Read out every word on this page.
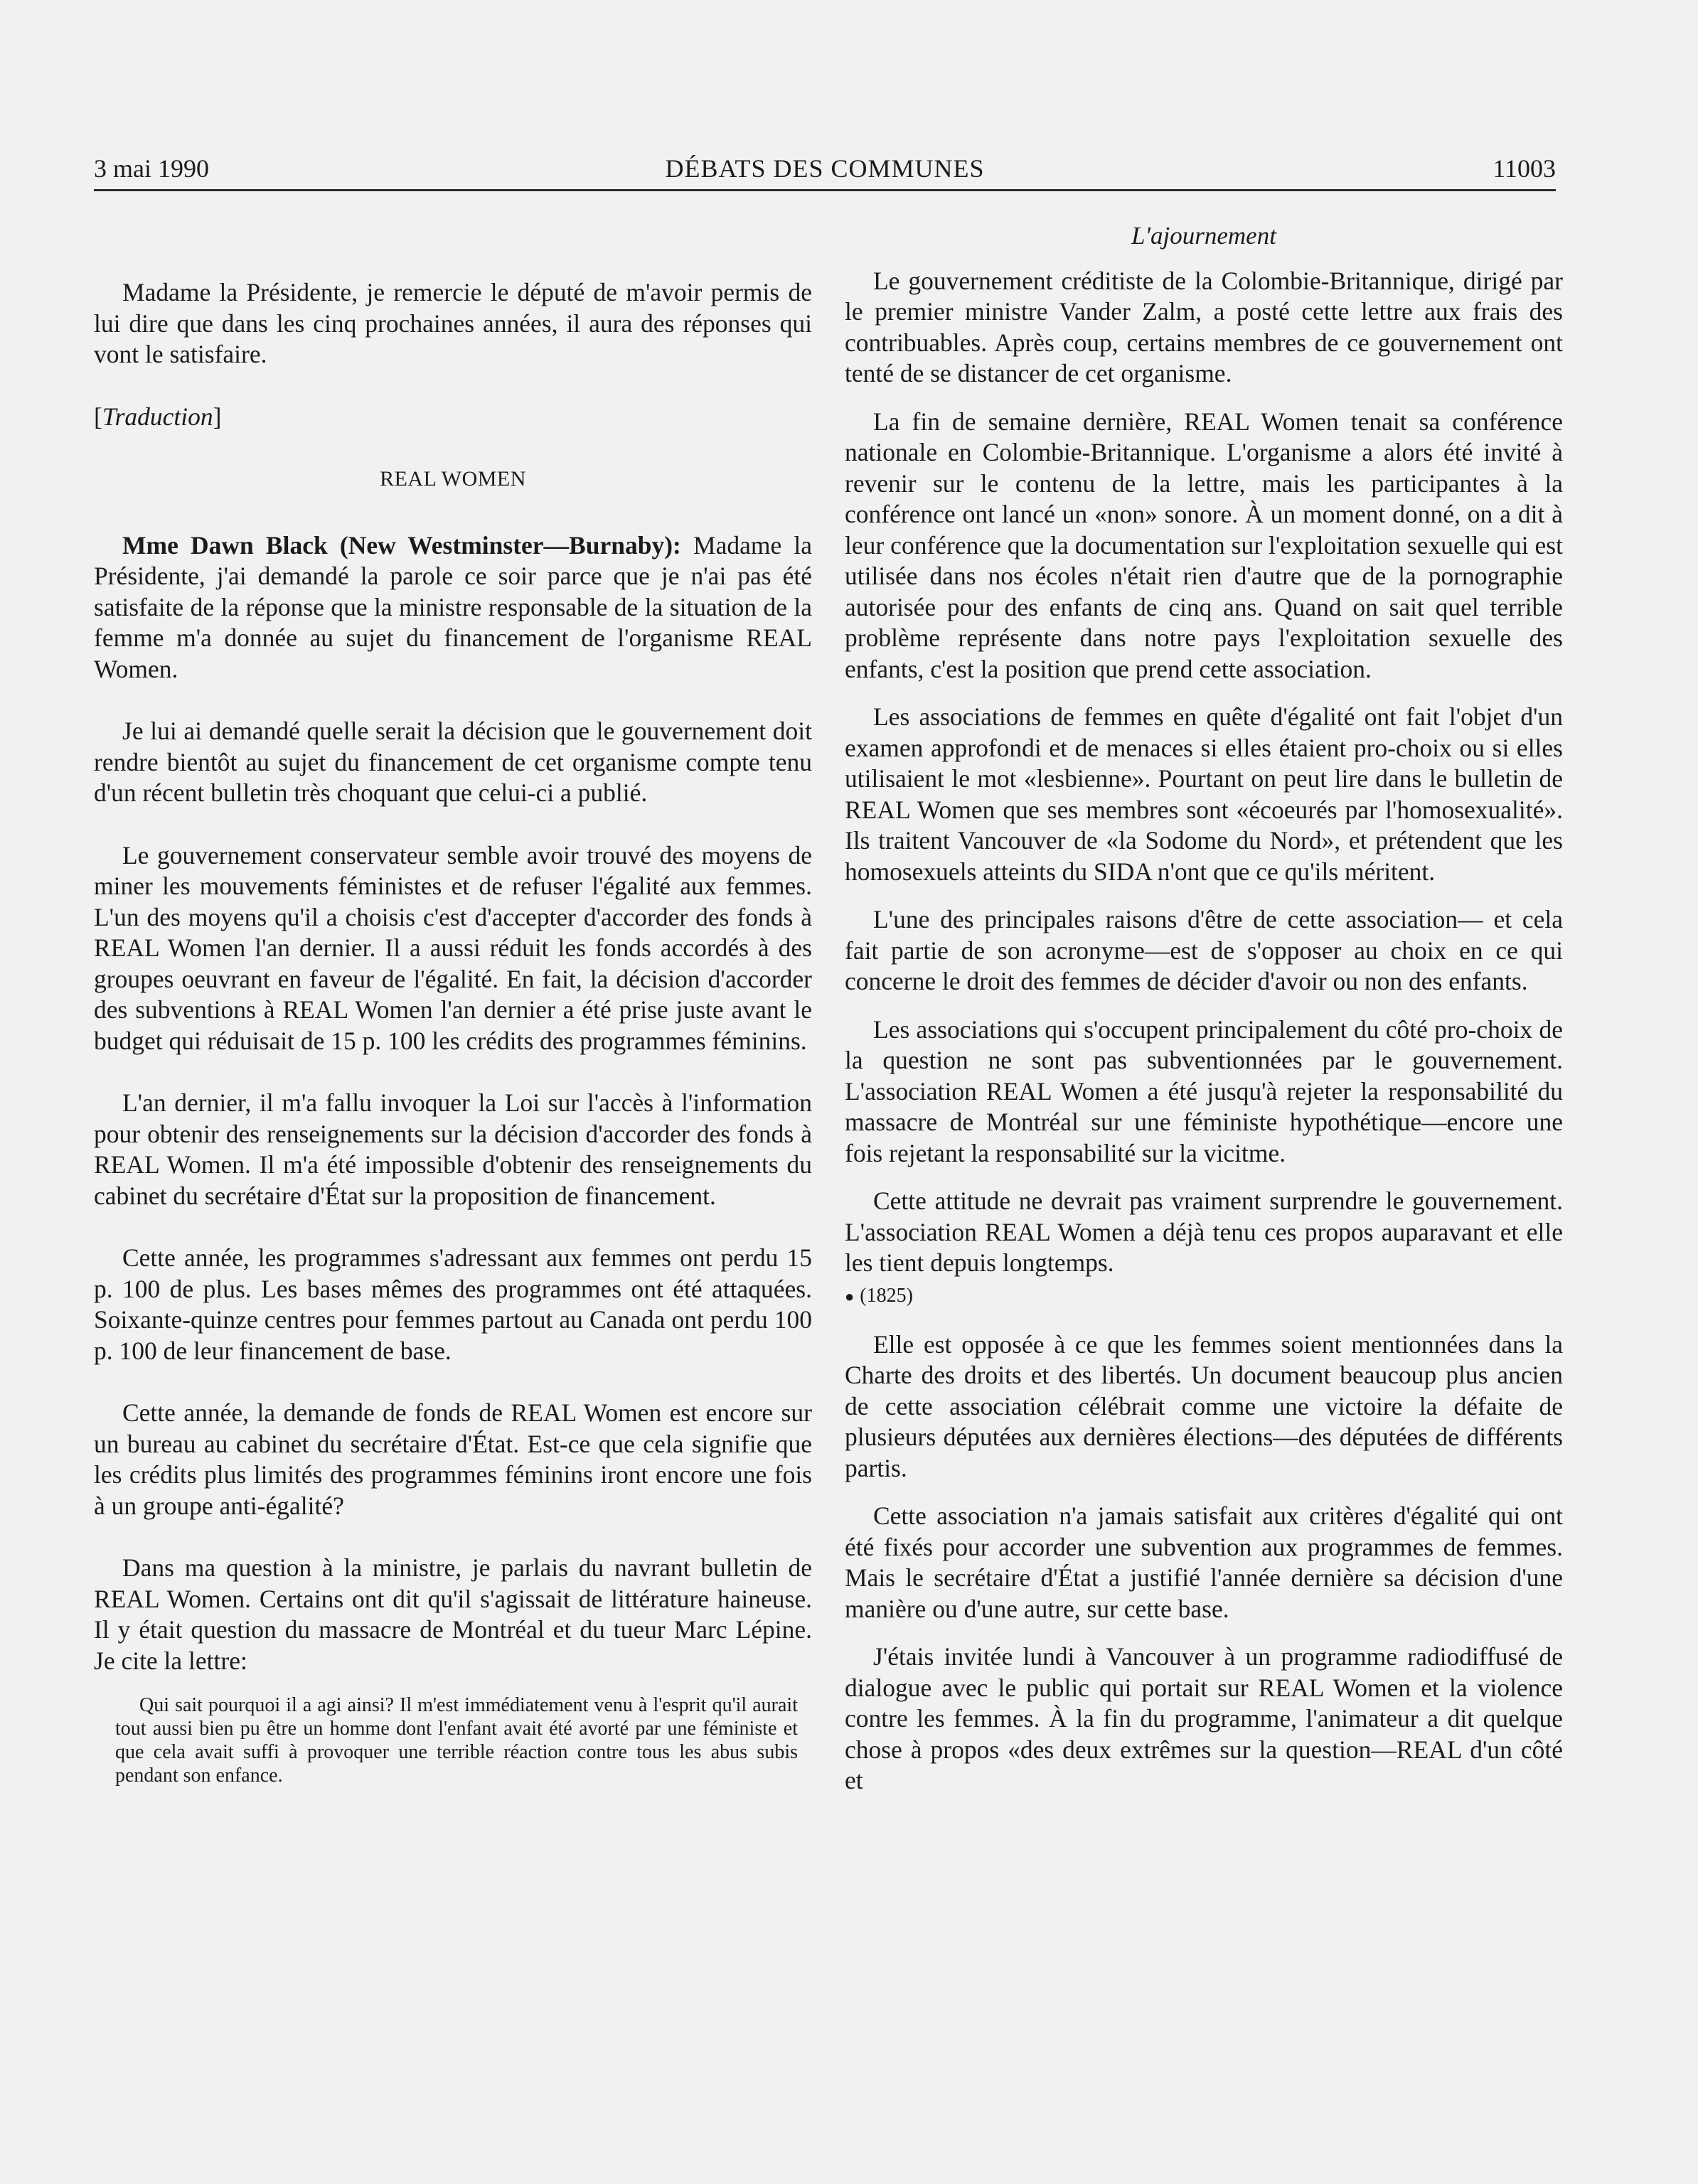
3 mai 1990	DÉBATS DES COMMUNES	11003

Madame la Présidente, je remercie le député de m'avoir permis de lui dire que dans les cinq prochaines années, il aura des réponses qui vont le satisfaire.

[Traduction]
REAL WOMEN

Mme Dawn Black (New Westminster—Burnaby): Madame la Présidente, j'ai demandé la parole ce soir parce que je n'ai pas été satisfaite de la réponse que la ministre responsable de la situation de la femme m'a donnée au sujet du financement de l'organisme REAL Women.

Je lui ai demandé quelle serait la décision que le gouvernement doit rendre bientôt au sujet du financement de cet organisme compte tenu d'un récent bulletin très choquant que celui-ci a publié.

Le gouvernement conservateur semble avoir trouvé des moyens de miner les mouvements féministes et de refuser l'égalité aux femmes. L'un des moyens qu'il a choisis c'est d'accepter d'accorder des fonds à REAL Women l'an dernier. Il a aussi réduit les fonds accordés à des groupes oeuvrant en faveur de l'égalité. En fait, la décision d'accorder des subventions à REAL Women l'an dernier a été prise juste avant le budget qui réduisait de 15 p. 100 les crédits des programmes féminins.

L'an dernier, il m'a fallu invoquer la Loi sur l'accès à l'information pour obtenir des renseignements sur la décision d'accorder des fonds à REAL Women. Il m'a été impossible d'obtenir des renseignements du cabinet du secrétaire d'État sur la proposition de financement.

Cette année, les programmes s'adressant aux femmes ont perdu 15 p. 100 de plus. Les bases mêmes des programmes ont été attaquées. Soixante-quinze centres pour femmes partout au Canada ont perdu 100 p. 100 de leur financement de base.

Cette année, la demande de fonds de REAL Women est encore sur un bureau au cabinet du secrétaire d'État. Est-ce que cela signifie que les crédits plus limités des programmes féminins iront encore une fois à un groupe anti-égalité?

Dans ma question à la ministre, je parlais du navrant bulletin de REAL Women. Certains ont dit qu'il s'agissait de littérature haineuse. Il y était question du massacre de Montréal et du tueur Marc Lépine. Je cite la lettre:

Qui sait pourquoi il a agi ainsi? Il m'est immédiatement venu à l'esprit qu'il aurait tout aussi bien pu être un homme dont l'enfant avait été avorté par une féministe et que cela avait suffi à provoquer une terrible réaction contre tous les abus subis pendant son enfance.
L'ajournement

Le gouvernement créditiste de la Colombie-Britannique, dirigé par le premier ministre Vander Zalm, a posté cette lettre aux frais des contribuables. Après coup, certains membres de ce gouvernement ont tenté de se distancer de cet organisme.

La fin de semaine dernière, REAL Women tenait sa conférence nationale en Colombie-Britannique. L'organisme a alors été invité à revenir sur le contenu de la lettre, mais les participantes à la conférence ont lancé un «non» sonore. À un moment donné, on a dit à leur conférence que la documentation sur l'exploitation sexuelle qui est utilisée dans nos écoles n'était rien d'autre que de la pornographie autorisée pour des enfants de cinq ans. Quand on sait quel terrible problème représente dans notre pays l'exploitation sexuelle des enfants, c'est la position que prend cette association.

Les associations de femmes en quête d'égalité ont fait l'objet d'un examen approfondi et de menaces si elles étaient pro-choix ou si elles utilisaient le mot «lesbienne». Pourtant on peut lire dans le bulletin de REAL Women que ses membres sont «écoeurés par l'homosexualité». Ils traitent Vancouver de «la Sodome du Nord», et prétendent que les homosexuels atteints du SIDA n'ont que ce qu'ils méritent.

L'une des principales raisons d'être de cette association— et cela fait partie de son acronyme—est de s'opposer au choix en ce qui concerne le droit des femmes de décider d'avoir ou non des enfants.

Les associations qui s'occupent principalement du côté pro-choix de la question ne sont pas subventionnées par le gouvernement. L'association REAL Women a été jusqu'à rejeter la responsabilité du massacre de Montréal sur une féministe hypothétique—encore une fois rejetant la responsabilité sur la vicitme.

Cette attitude ne devrait pas vraiment surprendre le gouvernement. L'association REAL Women a déjà tenu ces propos auparavant et elle les tient depuis longtemps.

● (1825)

Elle est opposée à ce que les femmes soient mentionnées dans la Charte des droits et des libertés. Un document beaucoup plus ancien de cette association célébrait comme une victoire la défaite de plusieurs députées aux dernières élections—des députées de différents partis.

Cette association n'a jamais satisfait aux critères d'égalité qui ont été fixés pour accorder une subvention aux programmes de femmes. Mais le secrétaire d'État a justifié l'année dernière sa décision d'une manière ou d'une autre, sur cette base.

J'étais invitée lundi à Vancouver à un programme radiodiffusé de dialogue avec le public qui portait sur REAL Women et la violence contre les femmes. À la fin du programme, l'animateur a dit quelque chose à propos «des deux extrêmes sur la question—REAL d'un côté et
